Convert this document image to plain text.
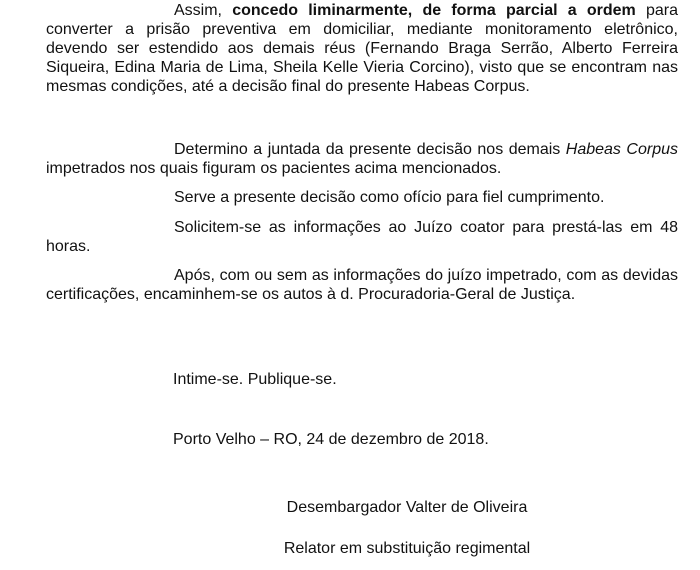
Assim, concedo liminarmente, de forma parcial a ordem para converter a prisão preventiva em domiciliar, mediante monitoramento eletrônico, devendo ser estendido aos demais réus (Fernando Braga Serrão, Alberto Ferreira Siqueira, Edina Maria de Lima, Sheila Kelle Vieria Corcino), visto que se encontram nas mesmas condições, até a decisão final do presente Habeas Corpus.

Determino a juntada da presente decisão nos demais Habeas Corpus impetrados nos quais figuram os pacientes acima mencionados.

Serve a presente decisão como ofício para fiel cumprimento.

Solicitem-se as informações ao Juízo coator para prestá-las em 48 horas.

Após, com ou sem as informações do juízo impetrado, com as devidas certificações, encaminhem-se os autos à d. Procuradoria-Geral de Justiça.

Intime-se. Publique-se.
Porto Velho – RO, 24 de dezembro de 2018.
Desembargador Valter de Oliveira
Relator em substituição regimental
